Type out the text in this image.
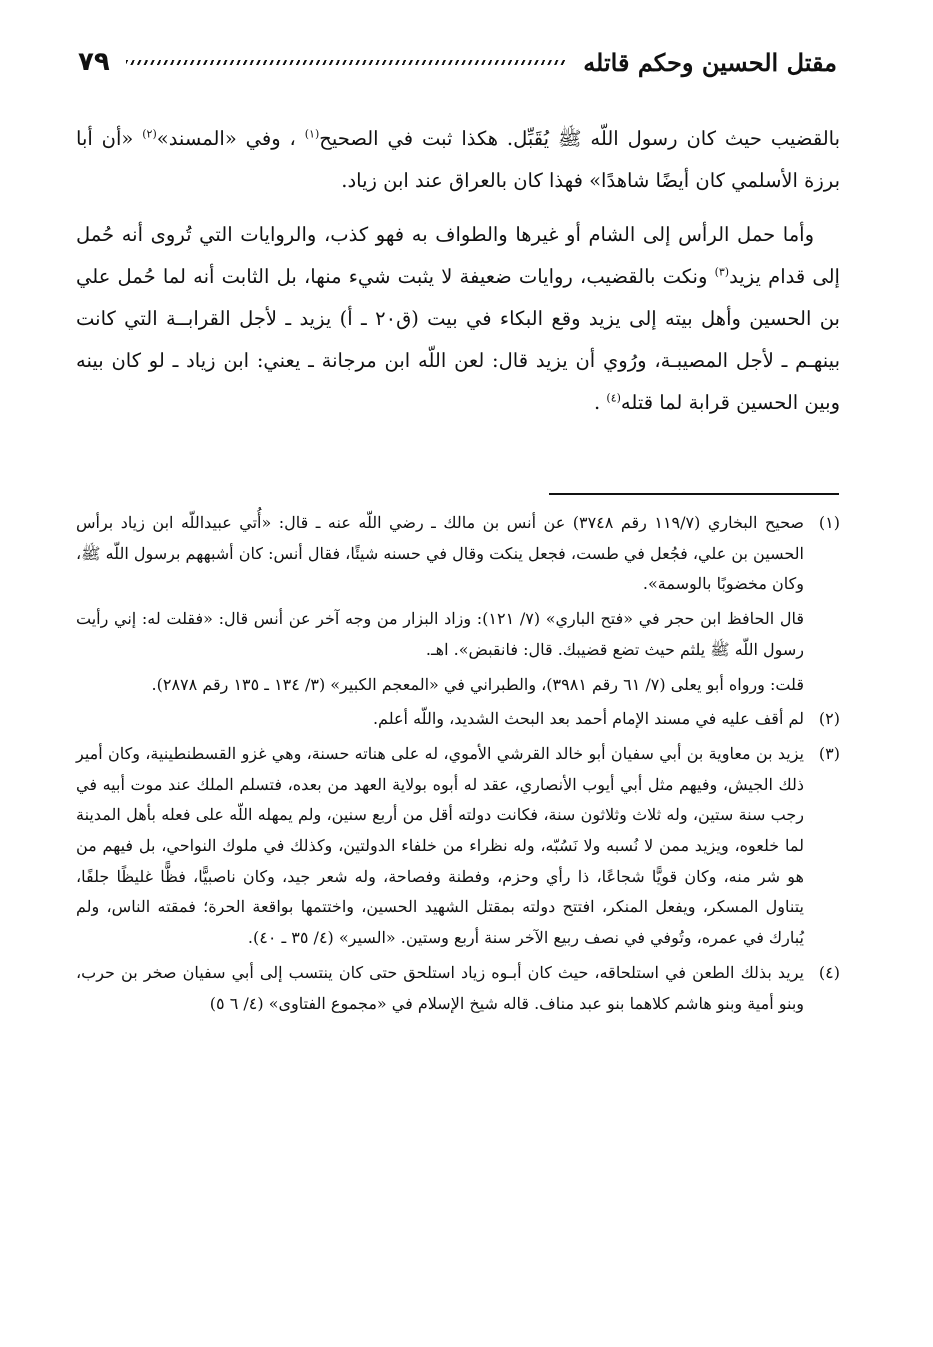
مقتل الحسين وحكم قاتله
٧٩

بالقضيب حيث كان رسول اللّه ﷺ يُقَبِّل. هكذا ثبت في الصحيح$^{(١)}$ ، وفي «المسند»$^{(٢)}$ «أن أبا برزة الأسلمي كان أيضًا شاهدًا» فهذا كان بالعراق عند ابن زياد.

وأما حمل الرأس إلى الشام أو غيرها والطواف به فهو كذب، والروايات التي تُروى أنه حُمل إلى قدام يزيد$^{(٣)}$ ونكت بالقضيب، روايات ضعيفة لا يثبت شيء منها، بل الثابت أنه لما حُمل علي بن الحسين وأهل بيته إلى يزيد وقع البكاء في بيت (ق٢٠ ـ أ) يزيد ـ لأجل القرابــة التي كانت بينهـم ـ لأجل المصيبـة، ورُوي أن يزيد قال: لعن اللّه ابن مرجانة ـ يعني: ابن زياد ـ لو كان بينه وبين الحسين قرابة لما قتله$^{(٤)}$ .

(١)صحيح البخاري (١١٩/٧ رقم ٣٧٤٨) عن أنس بن مالك ـ رضي اللّه عنه ـ قال: «أُتي عبيداللّه ابن زياد برأس الحسين بن علي، فجُعل في طست، فجعل ينكت وقال في حسنه شيئًا، فقال أنس: كان أشبههم برسول اللّه ﷺ، وكان مخضوبًا بالوسمة».

قال الحافظ ابن حجر في «فتح الباري» (٧/ ١٢١): وزاد البزار من وجه آخر عن أنس قال: «فقلت له: إني رأيت رسول اللّه ﷺ يلثم حيث تضع قضيبك. قال: فانقبض». اهـ.

قلت: ورواه أبو يعلى (٧/ ٦١ رقم ٣٩٨١)، والطبراني في «المعجم الكبير» (٣/ ١٣٤ ـ ١٣٥ رقم ٢٨٧٨).

(٢)لم أقف عليه في مسند الإمام أحمد بعد البحث الشديد، واللّه أعلم.

(٣)يزيد بن معاوية بن أبي سفيان أبو خالد القرشي الأموي، له على هناته حسنة، وهي غزو القسطنطينية، وكان أمير ذلك الجيش، وفيهم مثل أبي أيوب الأنصاري، عقد له أبوه بولاية العهد من بعده، فتسلم الملك عند موت أبيه في رجب سنة ستين، وله ثلاث وثلاثون سنة، فكانت دولته أقل من أربع سنين، ولم يمهله اللّه على فعله بأهل المدينة لما خلعوه، ويزيد ممن لا نُسبه ولا نَسُبّه، وله نظراء من خلفاء الدولتين، وكذلك في ملوك النواحي، بل فيهم من هو شر منه، وكان قويًّا شجاعًا، ذا رأي وحزم، وفطنة وفصاحة، وله شعر جيد، وكان ناصبيًّا، فظًّا غليظًا جلفًا، يتناول المسكر، ويفعل المنكر، افتتح دولته بمقتل الشهيد الحسين، واختتمها بواقعة الحرة؛ فمقته الناس، ولم يُبارك في عمره، وتُوفي في نصف ربيع الآخر سنة أربع وستين. «السير» (٤/ ٣٥ ـ ٤٠).

(٤)يريد بذلك الطعن في استلحاقه، حيث كان أبـوه زياد استلحق حتى كان ينتسب إلى أبي سفيان صخر بن حرب، وبنو أمية وبنو هاشم كلاهما بنو عبد مناف. قاله شيخ الإسلام في «مجموع الفتاوى» (٤/ ٦ ٥)
